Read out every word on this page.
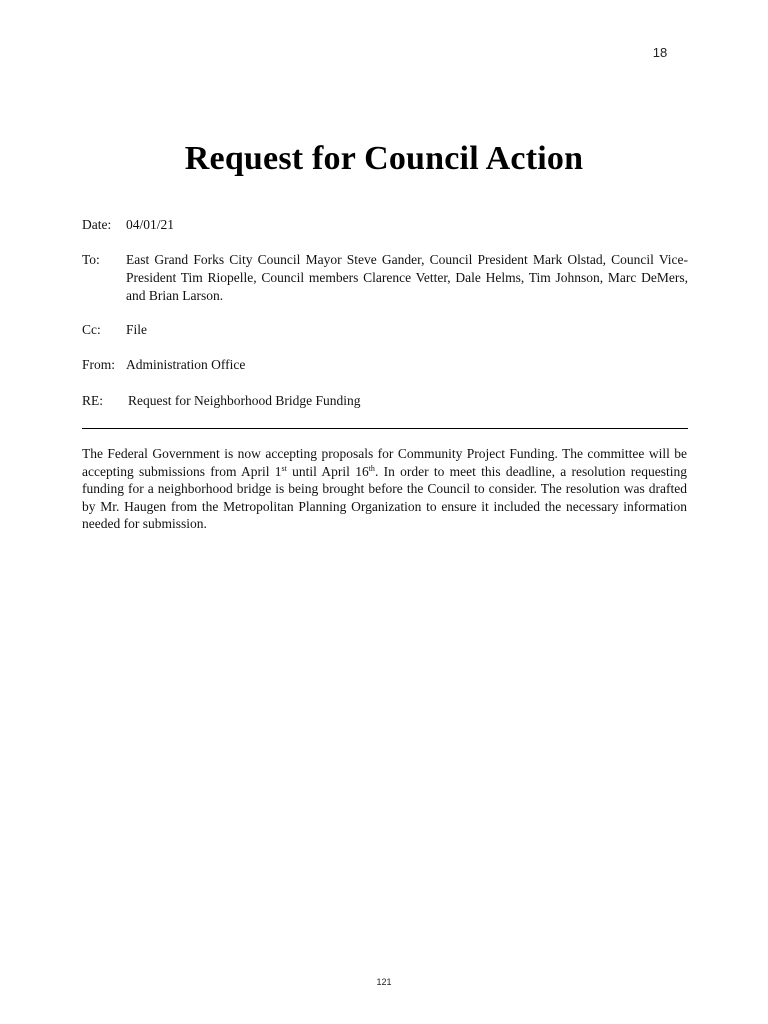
18
Request for Council Action
Date: 04/01/21
To: East Grand Forks City Council Mayor Steve Gander, Council President Mark Olstad, Council Vice-President Tim Riopelle, Council members Clarence Vetter, Dale Helms, Tim Johnson, Marc DeMers, and Brian Larson.
Cc: File
From: Administration Office
RE: Request for Neighborhood Bridge Funding
The Federal Government is now accepting proposals for Community Project Funding. The committee will be accepting submissions from April 1st until April 16th. In order to meet this deadline, a resolution requesting funding for a neighborhood bridge is being brought before the Council to consider. The resolution was drafted by Mr. Haugen from the Metropolitan Planning Organization to ensure it included the necessary information needed for submission.
121
